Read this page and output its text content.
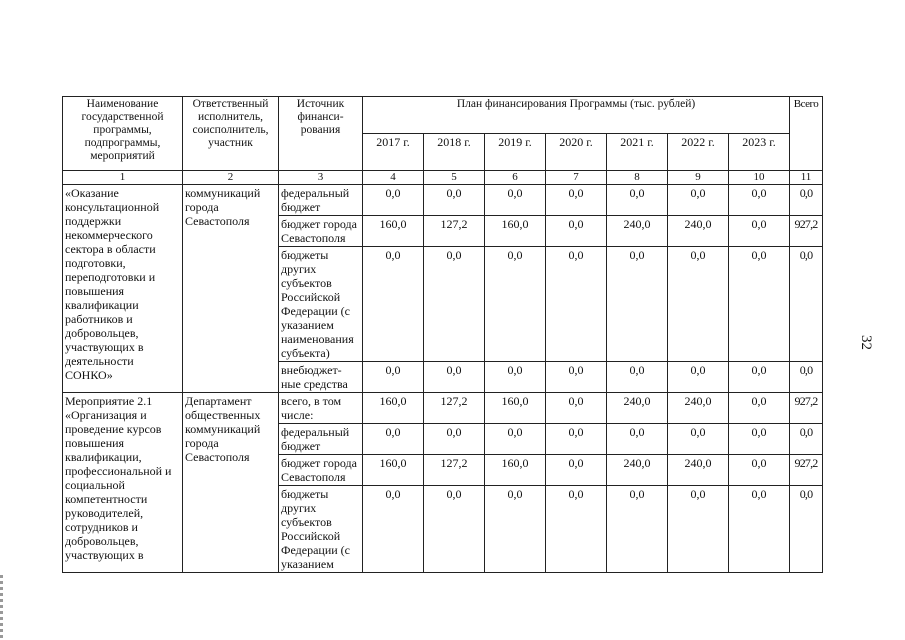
Наименование государственной программы, подпрограммы, мероприятий	Ответственный исполнитель, соисполнитель, участник	Источник финанси-рования	План финансирования Программы (тыс. рублей)							Всего
			2017 г.	2018 г.	2019 г.	2020 г.	2021 г.	2022 г.	2023 г.	
1	2	3	4	5	6	7	8	9	10	11
«Оказание консультационной поддержки некоммерческого сектора в области подготовки, переподготовки и повышения квалификации работников и добровольцев, участвующих в деятельности СОНКО»	коммуникаций города Севастополя	федеральный бюджет	0,0	0,0	0,0	0,0	0,0	0,0	0,0	0,0
		бюджет города Севастополя	160,0	127,2	160,0	0,0	240,0	240,0	0,0	927,2
		бюджеты других субъектов Российской Федерации (с указанием наименования субъекта)	0,0	0,0	0,0	0,0	0,0	0,0	0,0	0,0
		внебюджет-ные средства	0,0	0,0	0,0	0,0	0,0	0,0	0,0	0,0
Мероприятие 2.1 «Организация и проведение курсов повышения квалификации, профессиональной и социальной компетентности руководителей, сотрудников и добровольцев, участвующих в	Департамент общественных коммуникаций города Севастополя	всего, в том числе:	160,0	127,2	160,0	0,0	240,0	240,0	0,0	927,2
		федеральный бюджет	0,0	0,0	0,0	0,0	0,0	0,0	0,0	0,0
		бюджет города Севастополя	160,0	127,2	160,0	0,0	240,0	240,0	0,0	927,2
		бюджеты других субъектов Российской Федерации (с указанием	0,0	0,0	0,0	0,0	0,0	0,0	0,0	0,0
32
